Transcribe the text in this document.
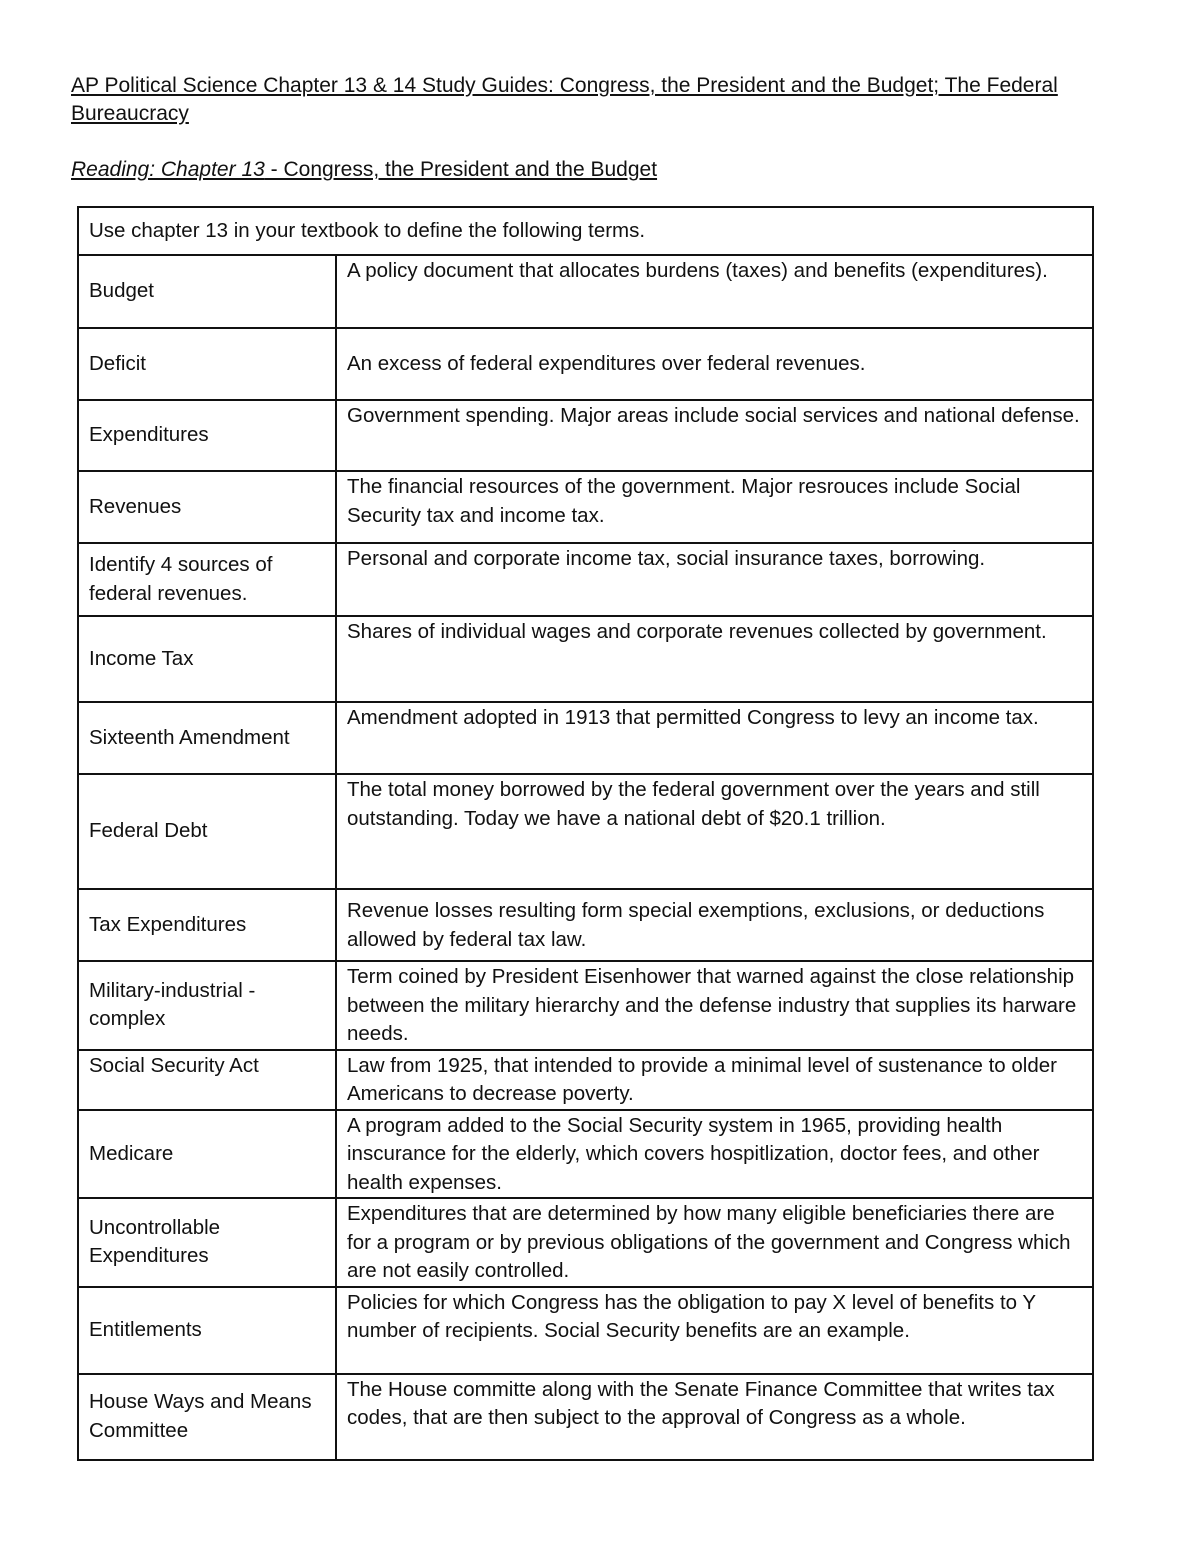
AP Political Science Chapter 13 & 14 Study Guides: Congress, the President and the Budget; The Federal Bureaucracy
Reading: Chapter 13 - Congress, the President and the Budget
Use chapter 13 in your textbook to define the following terms.	
Budget	A policy document that allocates burdens (taxes) and benefits (expenditures).
Deficit	An excess of federal expenditures over federal revenues.
Expenditures	Government spending. Major areas include social services and national defense.
Revenues	The financial resources of the government. Major resrouces include Social Security tax and income tax.
Identify 4 sources of federal revenues.	Personal and corporate income tax, social insurance taxes, borrowing.
Income Tax	Shares of individual wages and corporate revenues collected by government.
Sixteenth Amendment	Amendment adopted in 1913 that permitted Congress to levy an income tax.
Federal Debt	The total money borrowed by the federal government over the years and still outstanding. Today we have a national debt of $20.1 trillion.
Tax Expenditures	Revenue losses resulting form special exemptions, exclusions, or deductions allowed by federal tax law.
Military-industrial -complex	Term coined by President Eisenhower that warned against the close relationship between the military hierarchy and the defense industry that supplies its harware needs.
Social Security Act	Law from 1925, that intended to provide a minimal level of sustenance to older Americans to decrease poverty.
Medicare	A program added to the Social Security system in 1965, providing health inscurance for the elderly, which covers hospitlization, doctor fees, and other health expenses.
Uncontrollable Expenditures	Expenditures that are determined by how many eligible beneficiaries there are for a program or by previous obligations of the government and Congress which are not easily controlled.
Entitlements	Policies for which Congress has the obligation to pay X level of benefits to Y number of recipients. Social Security benefits are an example.
House Ways and Means Committee	The House committe along with the Senate Finance Committee that writes tax codes, that are then subject to the approval of Congress as a whole.
